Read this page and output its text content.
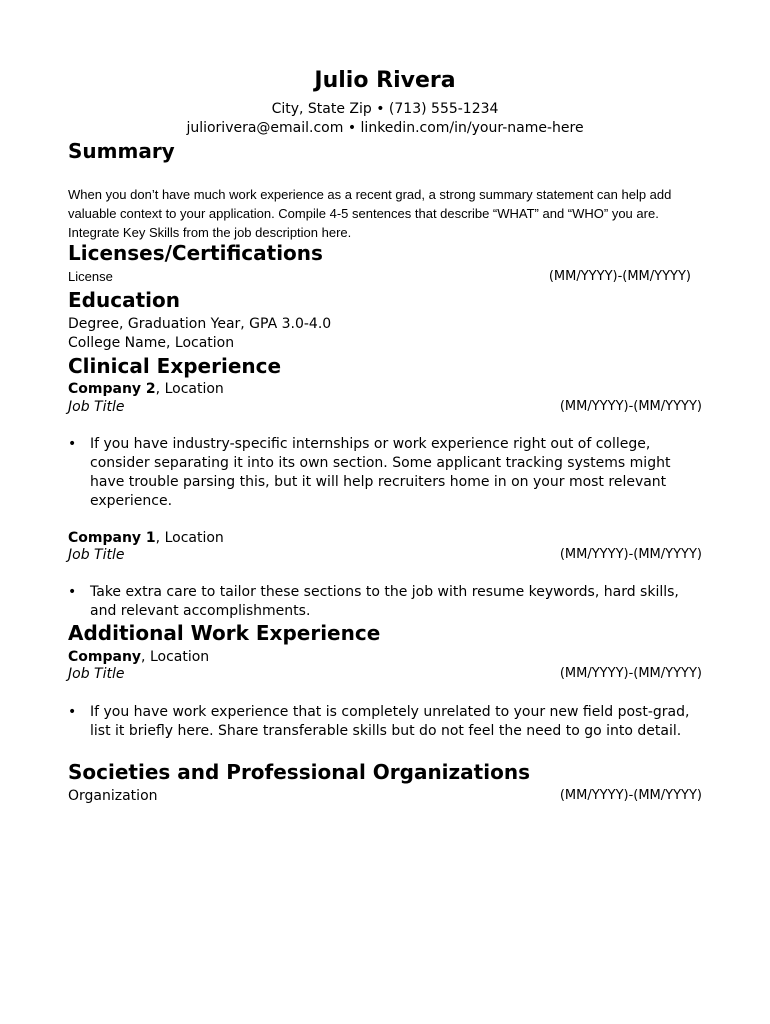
Julio Rivera
City, State Zip • (713) 555-1234
juliorivera@email.com • linkedin.com/in/your-name-here
Summary
When you don’t have much work experience as a recent grad, a strong summary statement can help add valuable context to your application. Compile 4-5 sentences that describe “WHAT” and “WHO” you are. Integrate Key Skills from the job description here.
Licenses/Certifications
License	(MM/YYYY)-(MM/YYYY)
Education
Degree, Graduation Year, GPA 3.0-4.0
College Name, Location
Clinical Experience
Company 2, Location
Job Title	(MM/YYYY)-(MM/YYYY)
• If you have industry-specific internships or work experience right out of college, consider separating it into its own section. Some applicant tracking systems might have trouble parsing this, but it will help recruiters home in on your most relevant experience.
Company 1, Location
Job Title	(MM/YYYY)-(MM/YYYY)
• Take extra care to tailor these sections to the job with resume keywords, hard skills, and relevant accomplishments.
Additional Work Experience
Company, Location
Job Title	(MM/YYYY)-(MM/YYYY)
• If you have work experience that is completely unrelated to your new field post-grad, list it briefly here. Share transferable skills but do not feel the need to go into detail.
Societies and Professional Organizations
Organization	(MM/YYYY)-(MM/YYYY)
